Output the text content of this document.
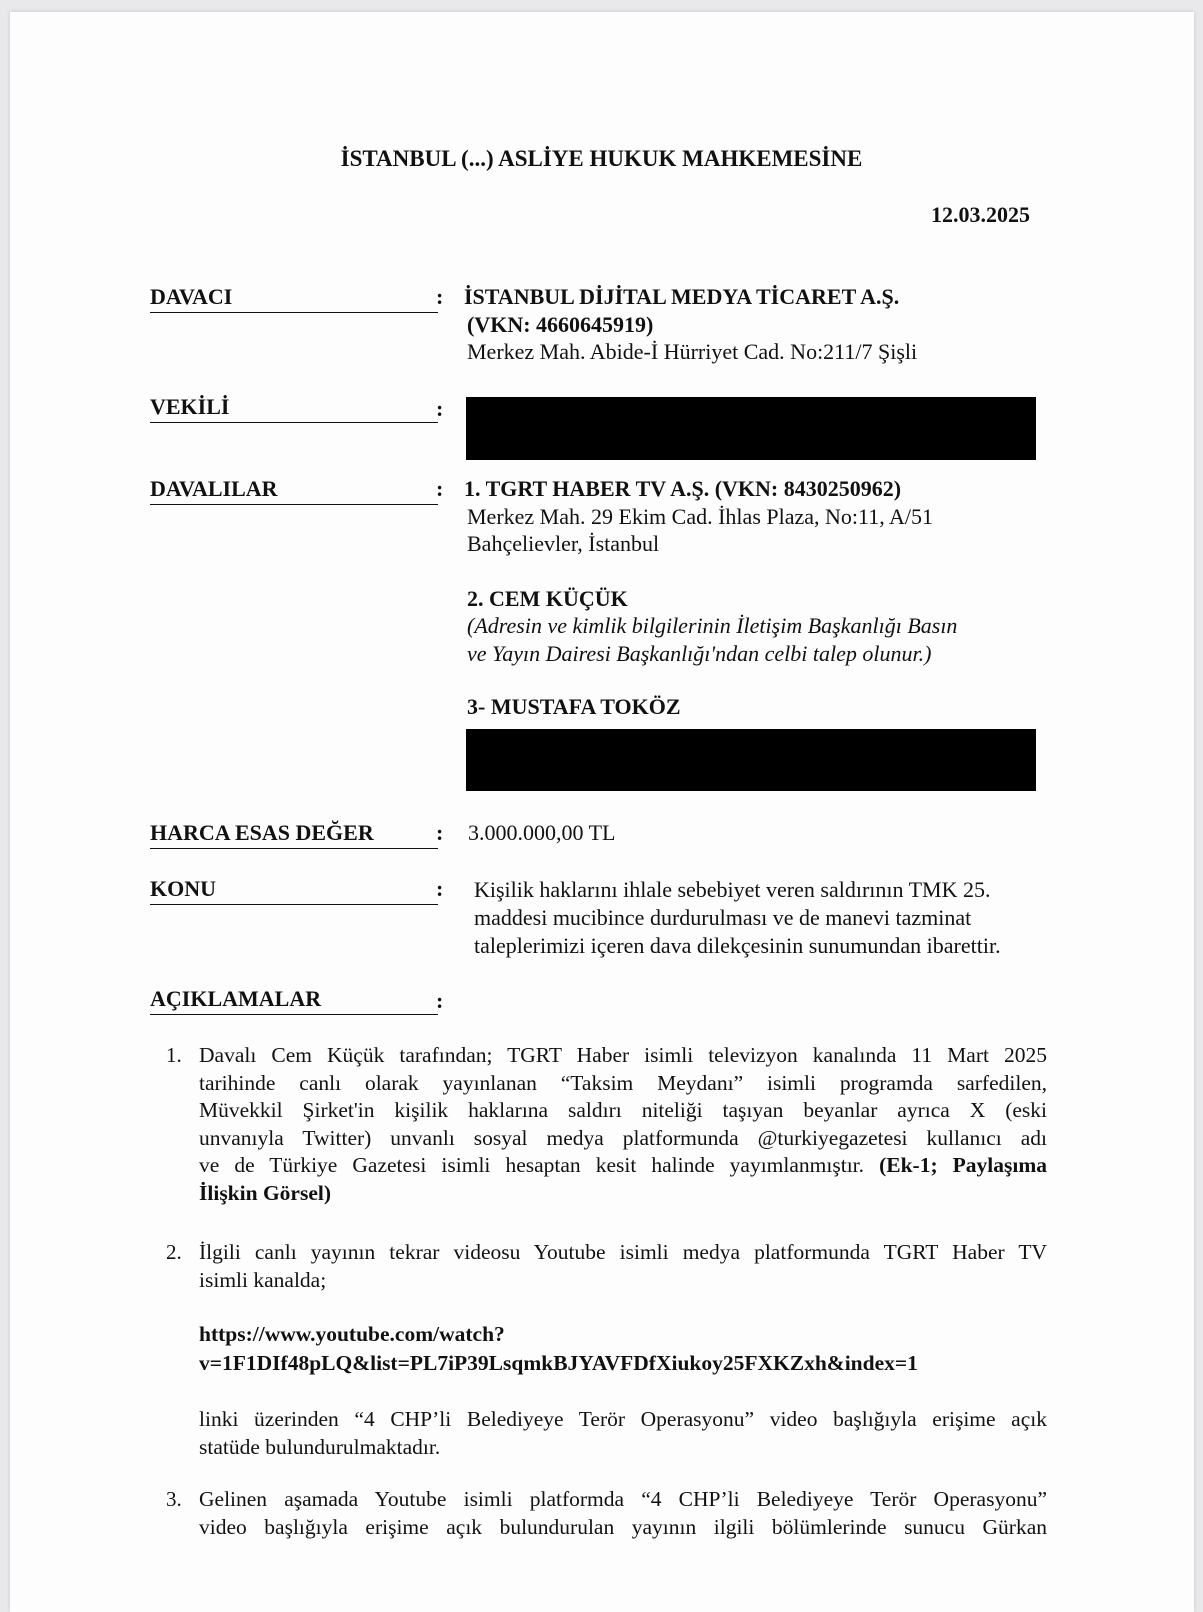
İSTANBUL (...) ASLİYE HUKUK MAHKEMESİNE
12.03.2025
DAVACI	: İSTANBUL DİJİTAL MEDYA TİCARET A.Ş.
(VKN: 4660645919)
Merkez Mah. Abide-İ Hürriyet Cad. No:211/7 Şişli
VEKİLİ	:
DAVALILAR	: 1. TGRT HABER TV A.Ş. (VKN: 8430250962)
Merkez Mah. 29 Ekim Cad. İhlas Plaza, No:11, A/51
Bahçelievler, İstanbul
2. CEM KÜÇÜK
(Adresin ve kimlik bilgilerinin İletişim Başkanlığı Basın
ve Yayın Dairesi Başkanlığı'ndan celbi talep olunur.)
3- MUSTAFA TOKÖZ
HARCA ESAS DEĞER	: 3.000.000,00 TL
KONU	: Kişilik haklarını ihlale sebebiyet veren saldırının TMK 25.
maddesi mucibince durdurulması ve de manevi tazminat
taleplerimizi içeren dava dilekçesinin sunumundan ibarettir.
AÇIKLAMALAR	:
1. Davalı Cem Küçük tarafından; TGRT Haber isimli televizyon kanalında 11 Mart 2025
tarihinde canlı olarak yayınlanan “Taksim Meydanı” isimli programda sarfedilen,
Müvekkil Şirket'in kişilik haklarına saldırı niteliği taşıyan beyanlar ayrıca X (eski
unvanıyla Twitter) unvanlı sosyal medya platformunda @turkiyegazetesi kullanıcı adı
ve de Türkiye Gazetesi isimli hesaptan kesit halinde yayımlanmıştır. (Ek-1; Paylaşıma
İlişkin Görsel)
2. İlgili canlı yayının tekrar videosu Youtube isimli medya platformunda TGRT Haber TV
isimli kanalda;
https://www.youtube.com/watch?
v=1F1DIf48pLQ&list=PL7iP39LsqmkBJYAVFDfXiukoy25FXKZxh&index=1
linki üzerinden “4 CHP’li Belediyeye Terör Operasyonu” video başlığıyla erişime açık
statüde bulundurulmaktadır.
3. Gelinen aşamada Youtube isimli platformda “4 CHP’li Belediyeye Terör Operasyonu”
video başlığıyla erişime açık bulundurulan yayının ilgili bölümlerinde sunucu Gürkan
